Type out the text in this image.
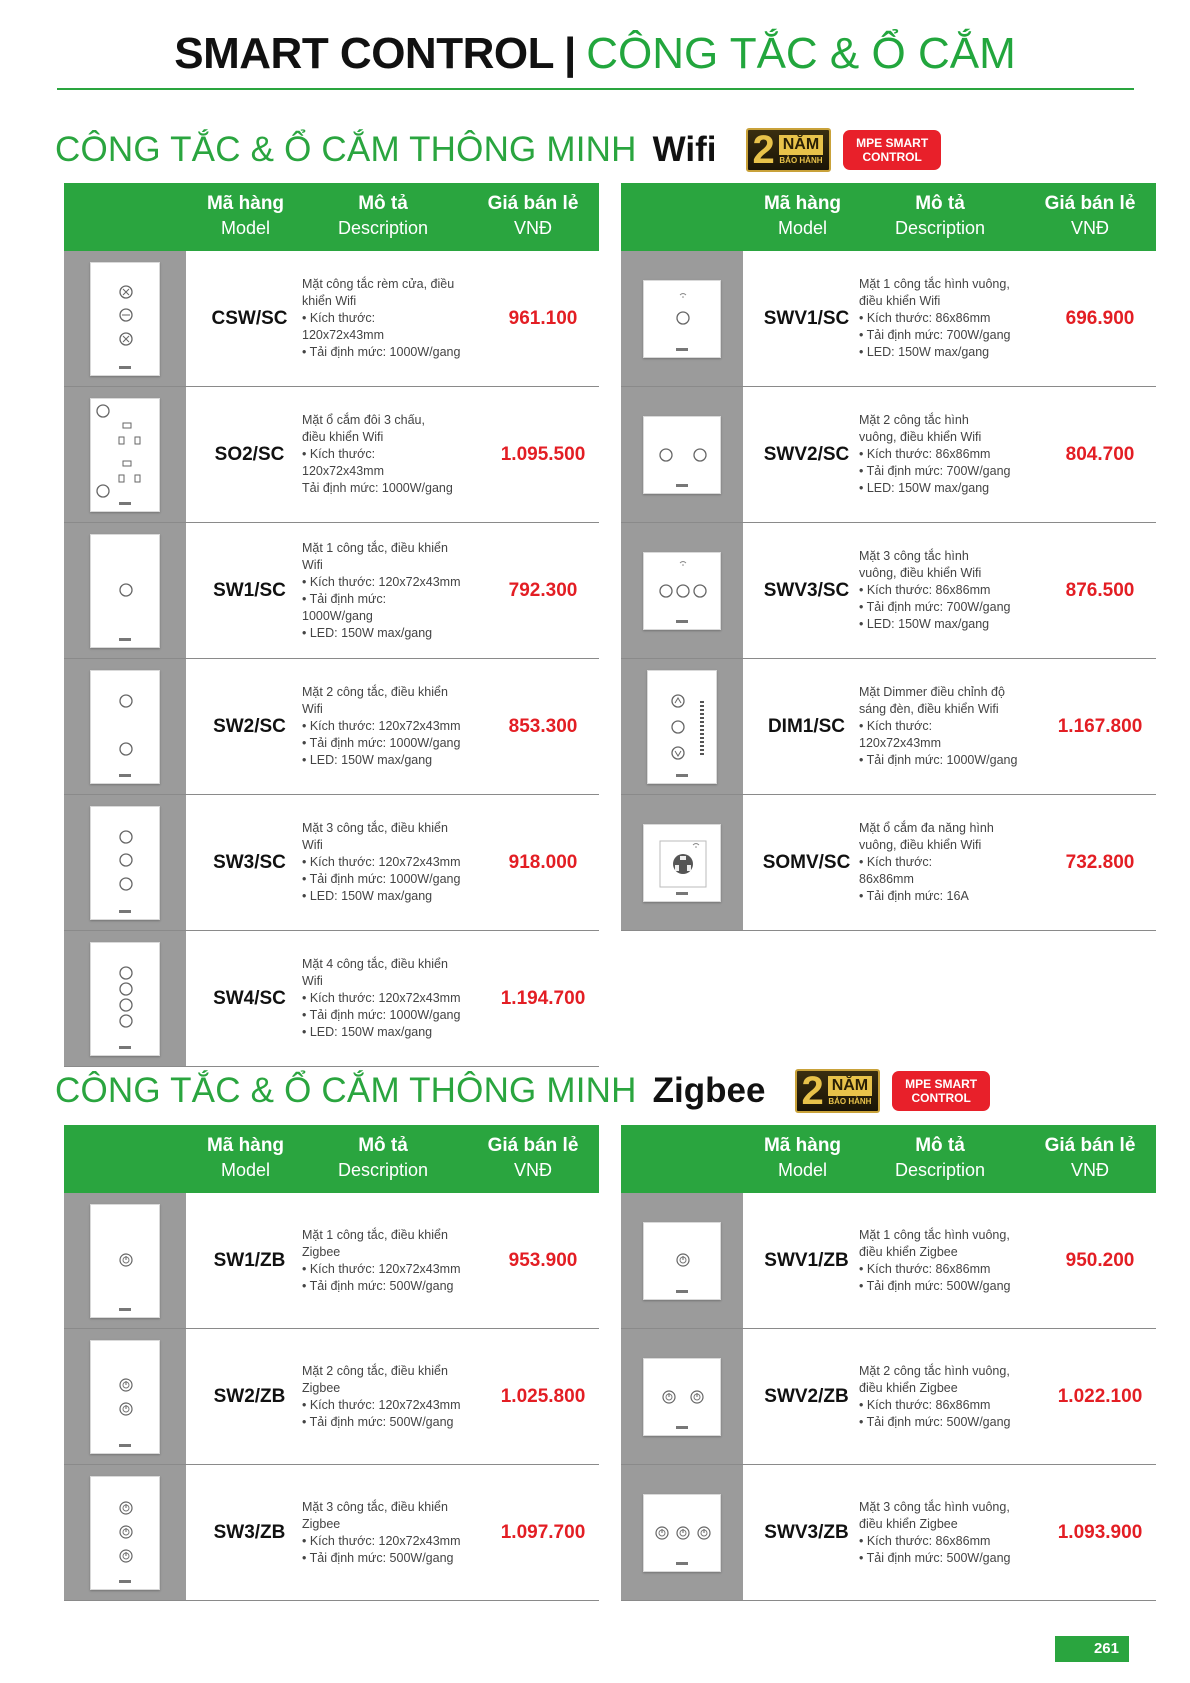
SMART CONTROL | CÔNG TẮC & Ổ CẮM
CÔNG TẮC & Ổ CẮM THÔNG MINH Wifi 2 NĂM
BẢO HÀNH
MPE SMART
CONTROL
CÔNG TẮC & Ổ CẮM THÔNG MINH Zigbee 2 NĂM
BẢO HÀNH
MPE SMART
CONTROL
Mã hàng
Model
Mô tả
Description
Giá bán lẻ
VNĐ
CSW/SC
Mặt công tắc rèm cửa, điều
khiển Wifi
• Kích thước:
120x72x43mm
• Tải định mức: 1000W/gang
961.100
SO2/SC
Mặt ổ cắm đôi 3 chấu,
điều khiển Wifi
• Kích thước:
120x72x43mm
Tải định mức: 1000W/gang
1.095.500
SW1/SC
Mặt 1 công tắc, điều khiển
Wifi
• Kích thước: 120x72x43mm
• Tải định mức:
1000W/gang
• LED: 150W max/gang
792.300
SW2/SC
Mặt 2 công tắc, điều khiển
Wifi
• Kích thước: 120x72x43mm
• Tải định mức: 1000W/gang
• LED: 150W max/gang
853.300
SW3/SC
Mặt 3 công tắc, điều khiển
Wifi
• Kích thước: 120x72x43mm
• Tải định mức: 1000W/gang
• LED: 150W max/gang
918.000
SW4/SC
Mặt 4 công tắc, điều khiển
Wifi
• Kích thước: 120x72x43mm
• Tải định mức: 1000W/gang
• LED: 150W max/gang
1.194.700
Mã hàng
Model
Mô tả
Description
Giá bán lẻ
VNĐ
SWV1/SC
Mặt 1 công tắc hình vuông,
điều khiển Wifi
• Kích thước: 86x86mm
• Tải định mức: 700W/gang
• LED: 150W max/gang
696.900
SWV2/SC
Mặt 2 công tắc hình
vuông, điều khiển Wifi
• Kích thước: 86x86mm
• Tải định mức: 700W/gang
• LED: 150W max/gang
804.700
SWV3/SC
Mặt 3 công tắc hình
vuông, điều khiển Wifi
• Kích thước: 86x86mm
• Tải định mức: 700W/gang
• LED: 150W max/gang
876.500
DIM1/SC
Mặt Dimmer điều chỉnh độ
sáng đèn, điều khiển Wifi
• Kích thước:
120x72x43mm
• Tải định mức: 1000W/gang
1.167.800
SOMV/SC
Mặt ổ cắm đa năng hình
vuông, điều khiển Wifi
• Kích thước:
86x86mm
• Tải định mức: 16A
732.800
Mã hàng
Model
Mô tả
Description
Giá bán lẻ
VNĐ
SW1/ZB
Mặt 1 công tắc, điều khiển
Zigbee
• Kích thước: 120x72x43mm
• Tải định mức: 500W/gang
953.900
SW2/ZB
Mặt 2 công tắc, điều khiển
Zigbee
• Kích thước: 120x72x43mm
• Tải định mức: 500W/gang
1.025.800
SW3/ZB
Mặt 3 công tắc, điều khiển
Zigbee
• Kích thước: 120x72x43mm
• Tải định mức: 500W/gang
1.097.700
Mã hàng
Model
Mô tả
Description
Giá bán lẻ
VNĐ
SWV1/ZB
Mặt 1 công tắc hình vuông,
điều khiển Zigbee
• Kích thước: 86x86mm
• Tải định mức: 500W/gang
950.200
SWV2/ZB
Mặt 2 công tắc hình vuông,
điều khiển Zigbee
• Kích thước: 86x86mm
• Tải định mức: 500W/gang
1.022.100
SWV3/ZB
Mặt 3 công tắc hình vuông,
điều khiển Zigbee
• Kích thước: 86x86mm
• Tải định mức: 500W/gang
1.093.900
261
